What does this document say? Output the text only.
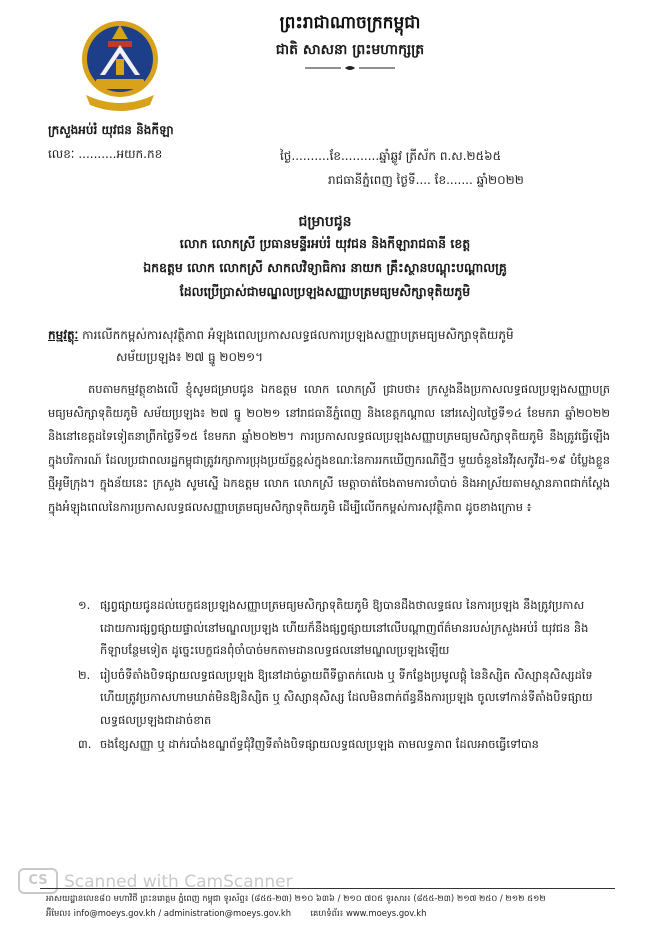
ព្រះរាជាណាចក្រកម្ពុជា
ជាតិ សាសនា ព្រះមហាក្សត្រ
ក្រសួងអប់រំ យុវជន និងកីឡា
លេខៈ ..........អយក.កខ	ថ្ងៃ..........ខែ..........ឆ្នាំឆ្លូវ ត្រីស័ក ព.ស.២៥៦៥
រាជធានីភ្នំពេញ ថ្ងៃទី.... ខែ....... ឆ្នាំ២០២២
ជម្រាបជូន
លោក លោកស្រី ប្រធានមន្ទីរអប់រំ យុវជន និងកីឡារាជធានី ខេត្ត
ឯកឧត្តម លោក លោកស្រី សាកលវិទ្យាធិការ នាយក គ្រឹះស្ថានបណ្តុះបណ្តាលគ្រូ
ដែលប្រើប្រាស់ជាមណ្ឌលប្រឡងសញ្ញាបត្រមធ្យមសិក្សាទុតិយភូមិ
កម្មវត្ថុៈ ការលើកកម្ពស់ការសុវត្ថិភាព អំឡុងពេលប្រកាសលទ្ធផលការប្រឡងសញ្ញាបត្រមធ្យមសិក្សាទុតិយភូមិ
សម័យប្រឡង៖ ២៧ ធ្នូ ២០២១។
តបតាមកម្មវត្ថុខាងលើ ខ្ញុំសូមជម្រាបជូន ឯកឧត្តម លោក លោកស្រី ជ្រាបថា៖ ក្រសួងនឹងប្រកាសលទ្ធផលប្រឡងសញ្ញាបត្រមធ្យមសិក្សាទុតិយភូមិ សម័យប្រឡង៖ ២៧ ធ្នូ ២០២១ នៅរាជធានីភ្នំពេញ និងខេត្តកណ្តាល នៅរសៀលថ្ងៃទី១៤ ខែមករា ឆ្នាំ២០២២ និងនៅខេត្តដទៃទៀតនាព្រឹកថ្ងៃទី១៥ ខែមករា ឆ្នាំ២០២២។ ការប្រកាសលទ្ធផលប្រឡងសញ្ញាបត្រមធ្យមសិក្សាទុតិយភូមិ នឹងត្រូវធ្វើឡើងក្នុងបរិការណ៍ ដែលប្រជាពលរដ្ឋកម្ពុជាត្រូវរក្សាការប្រុងប្រយ័ត្នខ្ពស់ក្នុងខណៈនៃការរកឃើញករណីថ្មីៗ មួយចំនួននៃវីរុសកូវីដ-១៩ បំប្លែងខ្លួនថ្មីអូមីក្រុង។ ក្នុងន័យនេះ ក្រសួង សូមស្នើ ឯកឧត្តម លោក លោកស្រី មេត្តាចាត់ចែងតាមការចាំបាច់ និងអាស្រ័យតាមស្ថានភាពជាក់ស្តែង ក្នុងអំឡុងពេលនៃការប្រកាសលទ្ធផលសញ្ញាបត្រមធ្យមសិក្សាទុតិយភូមិ ដើម្បីលើកកម្ពស់ការសុវត្ថិភាព ដូចខាងក្រោម ៖
១. ផ្សព្វផ្សាយជូនដល់បេក្ខជនប្រឡងសញ្ញាបត្រមធ្យមសិក្សាទុតិយភូមិ ឱ្យបានដឹងថាលទ្ធផល នៃការប្រឡង នឹងត្រូវប្រកាសដោយការផ្សព្វផ្សាយផ្ទាល់នៅមណ្ឌលប្រឡង ហើយក៏នឹងផ្សព្វផ្សាយនៅលើបណ្តាញព័ត៌មានរបស់ក្រសួងអប់រំ យុវជន និងកីឡាបន្ថែមទៀត ដូច្នេះបេក្ខជនពុំចាំបាច់មកតាមដានលទ្ធផលនៅមណ្ឌលប្រឡងឡើយ
២. រៀបចំទីតាំងបិទផ្សាយលទ្ធផលប្រឡង ឱ្យនៅដាច់ឆ្ងាយពីទីធ្លាតក់លេង ឬ ទីកន្លែងប្រមូលផ្តុំ នៃនិស្សិត សិស្សានុសិស្សដទៃ ហើយត្រូវប្រកាសហាមឃាត់មិនឱ្យនិស្សិត ឬ សិស្សានុសិស្ស ដែលមិនពាក់ព័ន្ធនឹងការប្រឡង ចូលទៅកាន់ទីតាំងបិទផ្សាយលទ្ធផលប្រឡងជាដាច់ខាត
៣. ចងខ្សែសញ្ញា ឬ ដាក់របាំងខណ្ឌព័ទ្ធជុំវិញទីតាំងបិទផ្សាយលទ្ធផលប្រឡង តាមលទ្ធភាព ដែលអាចធ្វើទៅបាន
CS Scanned with CamScanner
អាសយដ្ឋានលេខ៨០ មហាវិថី ព្រះនរោត្តម ភ្នំពេញ កម្ពុជា ទូរស័ព្ទ៖ (៨៥៥-២៣) ២១០ ៦៣៦ / ២១០ ៧០៥ ទូរសារ៖ (៨៥៥-២៣) ២១៧ ២៥០ / ២១២ ៥១២
អ៊ីមែល៖ info@moeys.gov.kh / administration@moeys.gov.kh គេហទំព័រ៖ www.moeys.gov.kh
